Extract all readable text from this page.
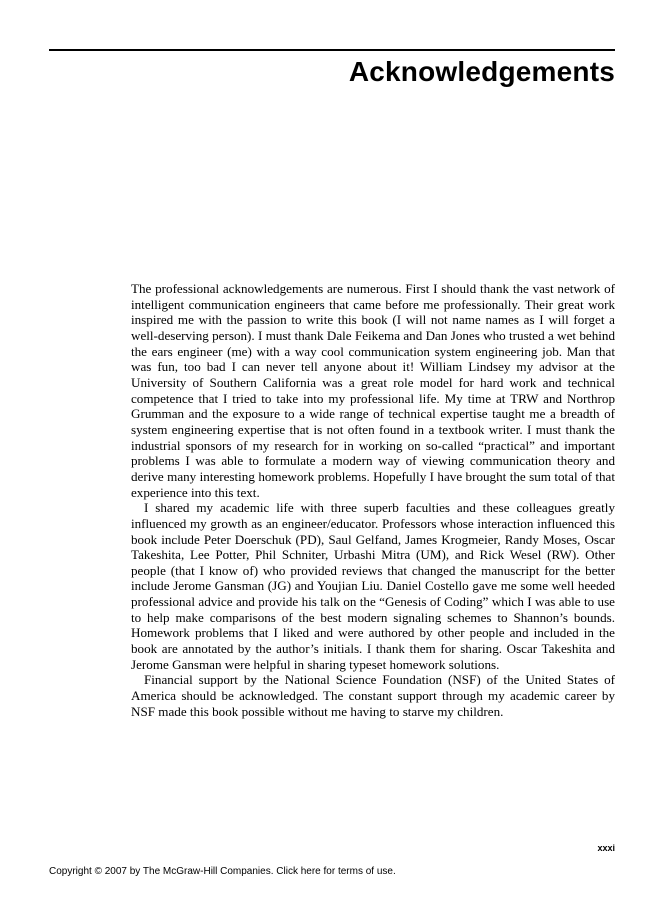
Acknowledgements

The professional acknowledgements are numerous. First I should thank the vast network of intelligent communication engineers that came before me professionally. Their great work inspired me with the passion to write this book (I will not name names as I will forget a well-deserving person). I must thank Dale Feikema and Dan Jones who trusted a wet behind the ears engineer (me) with a way cool communication system engineering job. Man that was fun, too bad I can never tell anyone about it! William Lindsey my advisor at the University of Southern California was a great role model for hard work and technical competence that I tried to take into my professional life. My time at TRW and Northrop Grumman and the exposure to a wide range of technical expertise taught me a breadth of system engineering expertise that is not often found in a textbook writer. I must thank the industrial sponsors of my research for in working on so-called “practical” and important problems I was able to formulate a modern way of viewing communication theory and derive many interesting homework problems. Hopefully I have brought the sum total of that experience into this text.

I shared my academic life with three superb faculties and these colleagues greatly influenced my growth as an engineer/educator. Professors whose interaction influenced this book include Peter Doerschuk (PD), Saul Gelfand, James Krogmeier, Randy Moses, Oscar Takeshita, Lee Potter, Phil Schniter, Urbashi Mitra (UM), and Rick Wesel (RW). Other people (that I know of) who provided reviews that changed the manuscript for the better include Jerome Gansman (JG) and Youjian Liu. Daniel Costello gave me some well heeded professional advice and provide his talk on the “Genesis of Coding” which I was able to use to help make comparisons of the best modern signaling schemes to Shannon’s bounds. Homework problems that I liked and were authored by other people and included in the book are annotated by the author’s initials. I thank them for sharing. Oscar Takeshita and Jerome Gansman were helpful in sharing typeset homework solutions.

Financial support by the National Science Foundation (NSF) of the United States of America should be acknowledged. The constant support through my academic career by NSF made this book possible without me having to starve my children.

xxxi
Copyright © 2007 by The McGraw-Hill Companies. Click here for terms of use.
